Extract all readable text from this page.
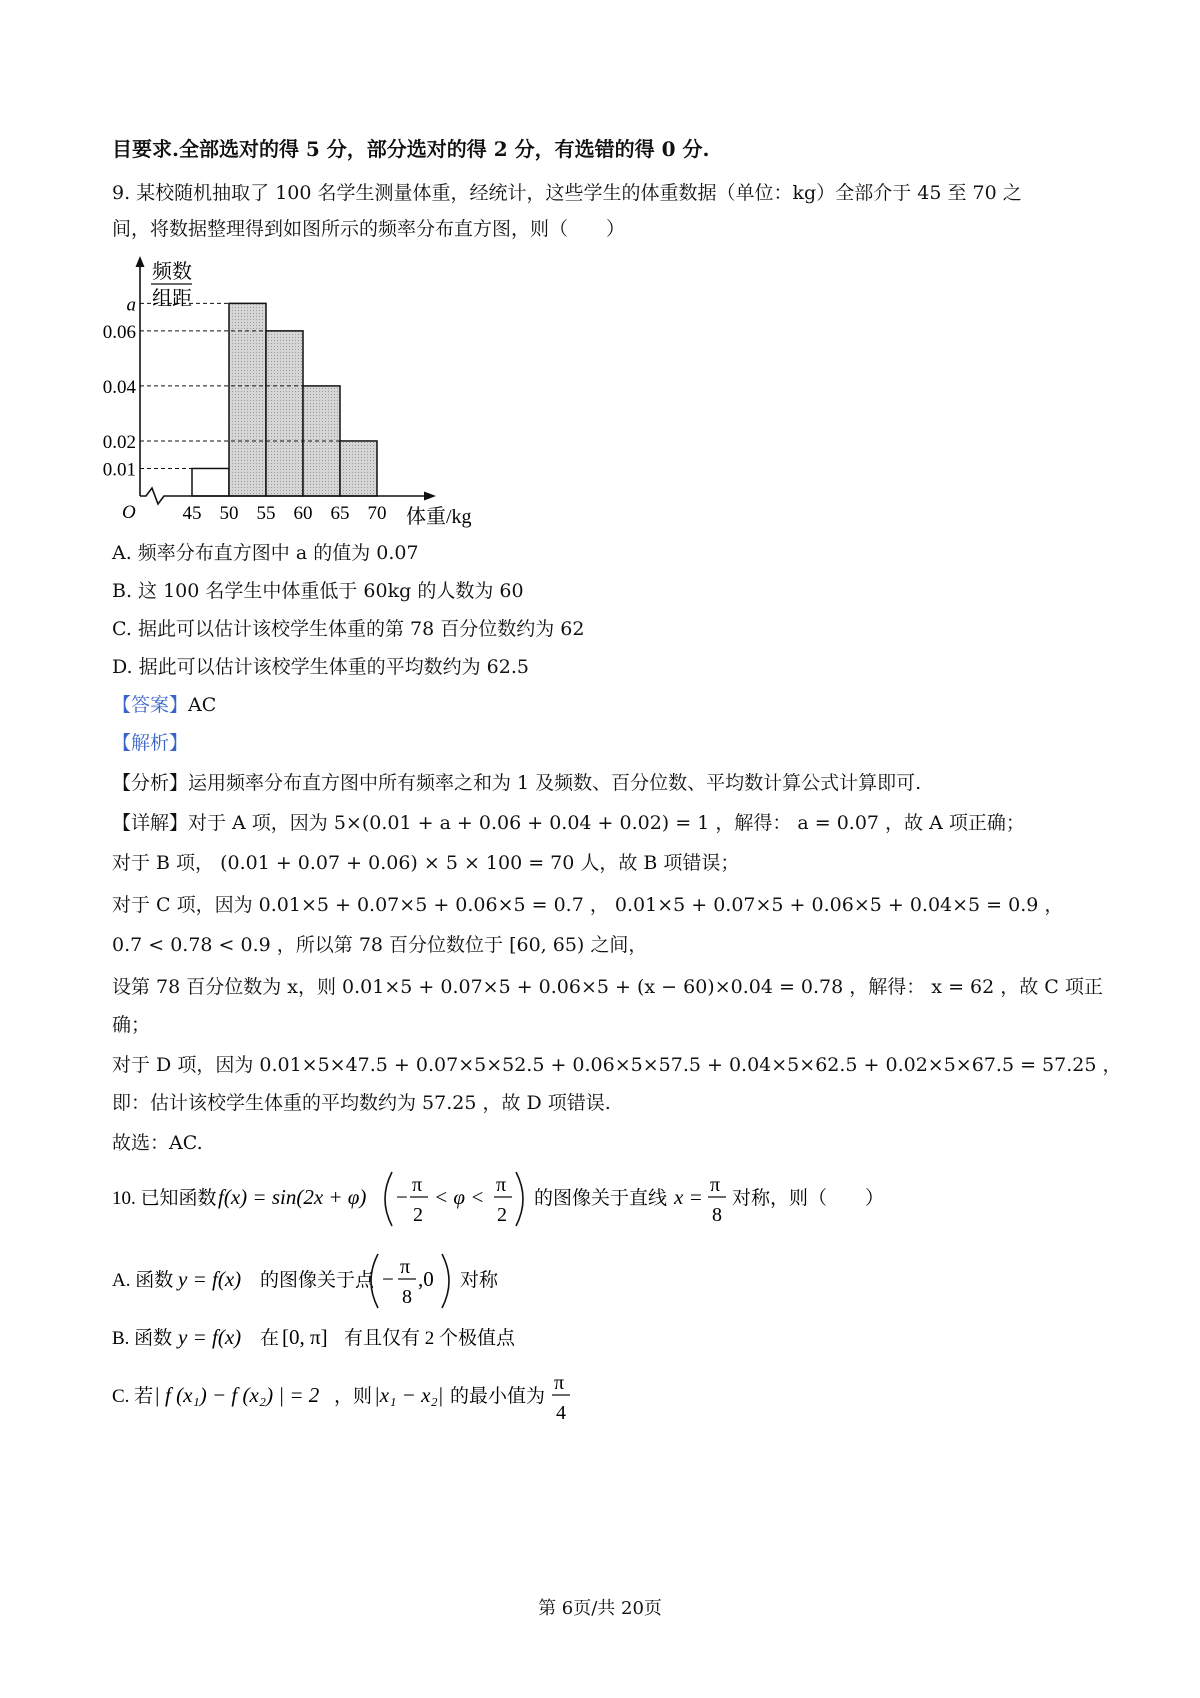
目要求.全部选对的得 5 分，部分选对的得 2 分，有选错的得 0 分.
9. 某校随机抽取了 100 名学生测量体重，经统计，这些学生的体重数据（单位：kg）全部介于 45 至 70 之
间，将数据整理得到如图所示的频率分布直方图，则（　　）
频数
组距
O	体重/kg
0.01
0.02
0.04
0.06
a
45 50 55 60 65 70
A. 频率分布直方图中 a 的值为 0.07
B. 这 100 名学生中体重低于 60kg 的人数为 60
C. 据此可以估计该校学生体重的第 78 百分位数约为 62
D. 据此可以估计该校学生体重的平均数约为 62.5
【答案】AC
【解析】
【分析】运用频率分布直方图中所有频率之和为 1 及频数、百分位数、平均数计算公式计算即可.
【详解】对于 A 项，因为 5×(0.01 + a + 0.06 + 0.04 + 0.02) = 1 ，解得： a = 0.07 ，故 A 项正确；
对于 B 项， (0.01 + 0.07 + 0.06) × 5 × 100 = 70 人，故 B 项错误；
对于 C 项，因为 0.01×5 + 0.07×5 + 0.06×5 = 0.7 ， 0.01×5 + 0.07×5 + 0.06×5 + 0.04×5 = 0.9 ，
0.7 < 0.78 < 0.9 ，所以第 78 百分位数位于 [60, 65) 之间，
设第 78 百分位数为 x，则 0.01×5 + 0.07×5 + 0.06×5 + (x − 60)×0.04 = 0.78 ，解得： x = 62 ，故 C 项正
确；
对于 D 项，因为 0.01×5×47.5 + 0.07×5×52.5 + 0.06×5×57.5 + 0.04×5×62.5 + 0.02×5×67.5 = 57.25 ，
即：估计该校学生体重的平均数约为 57.25 ，故 D 项错误.
故选：AC.
10. 已知函数 f(x) = sin(2x + φ) − π
2
< φ < π
2
的图像关于直线 x = π
8
对称，则（　　）
A. 函数 y = f(x) 的图像关于点 − π
8
,0 对称
B. 函数 y = f(x) 在 [0, π] 有且仅有 2 个极值点
C. 若 | f (x₁) − f (x₂) | = 2 ，则 |x₁ − x₂| 的最小值为
π
4
第 6页/共 20页
